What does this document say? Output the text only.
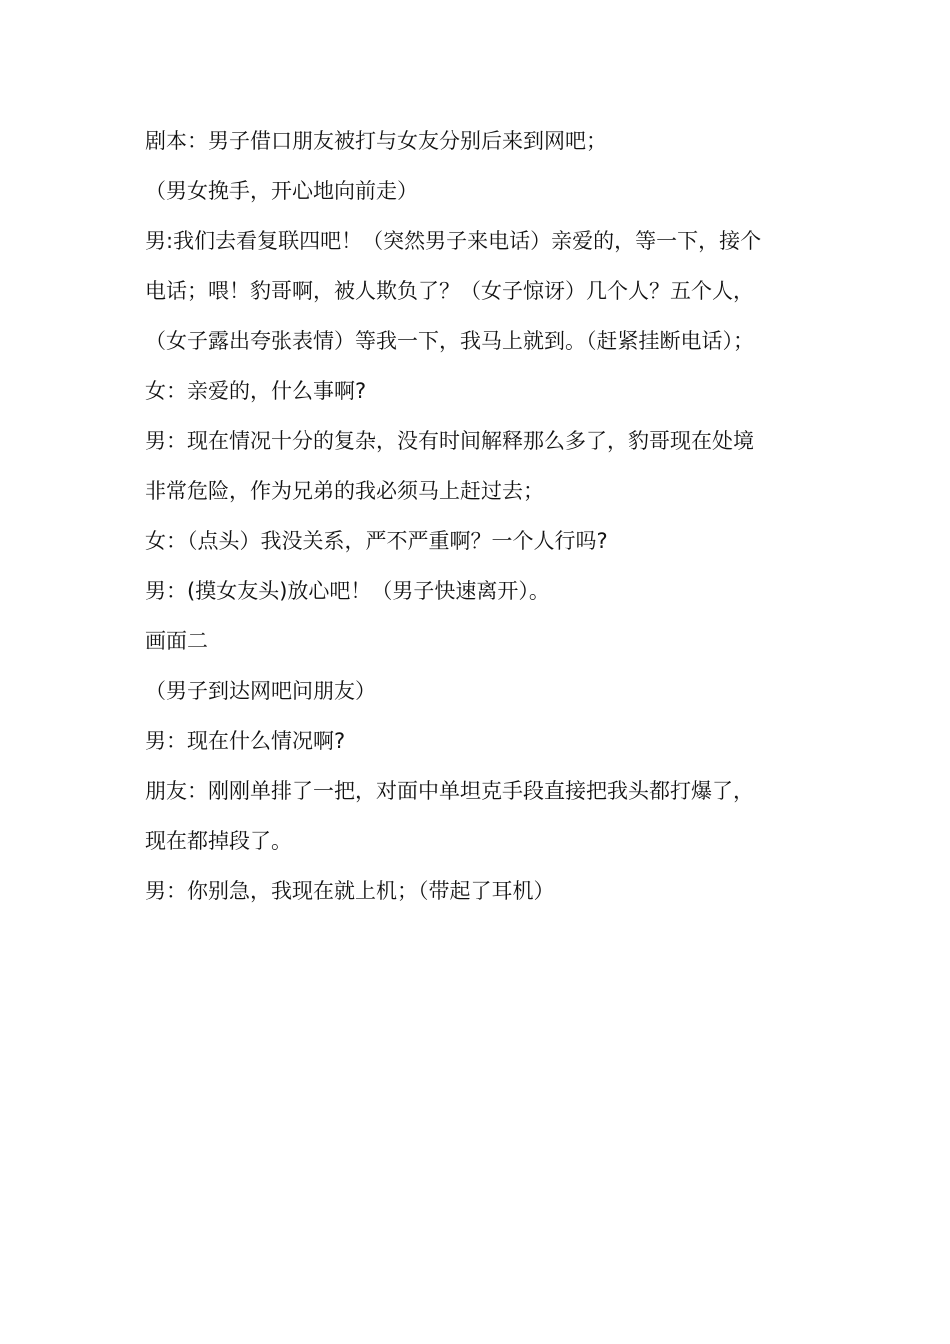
剧本：男子借口朋友被打与女友分别后来到网吧；
（男女挽手，开心地向前走）
男:我们去看复联四吧！（突然男子来电话）亲爱的，等一下，接个
电话；喂！豹哥啊，被人欺负了？（女子惊讶）几个人？五个人，
（女子露出夸张表情）等我一下，我马上就到。（赶紧挂断电话）；
女：亲爱的，什么事啊?
男：现在情况十分的复杂，没有时间解释那么多了，豹哥现在处境
非常危险，作为兄弟的我必须马上赶过去；
女：（点头）我没关系，严不严重啊？一个人行吗?
男：(摸女友头)放心吧！（男子快速离开）。
画面二
（男子到达网吧问朋友）
男：现在什么情况啊?
朋友：刚刚单排了一把，对面中单坦克手段直接把我头都打爆了，
现在都掉段了。
男：你别急，我现在就上机；（带起了耳机）
